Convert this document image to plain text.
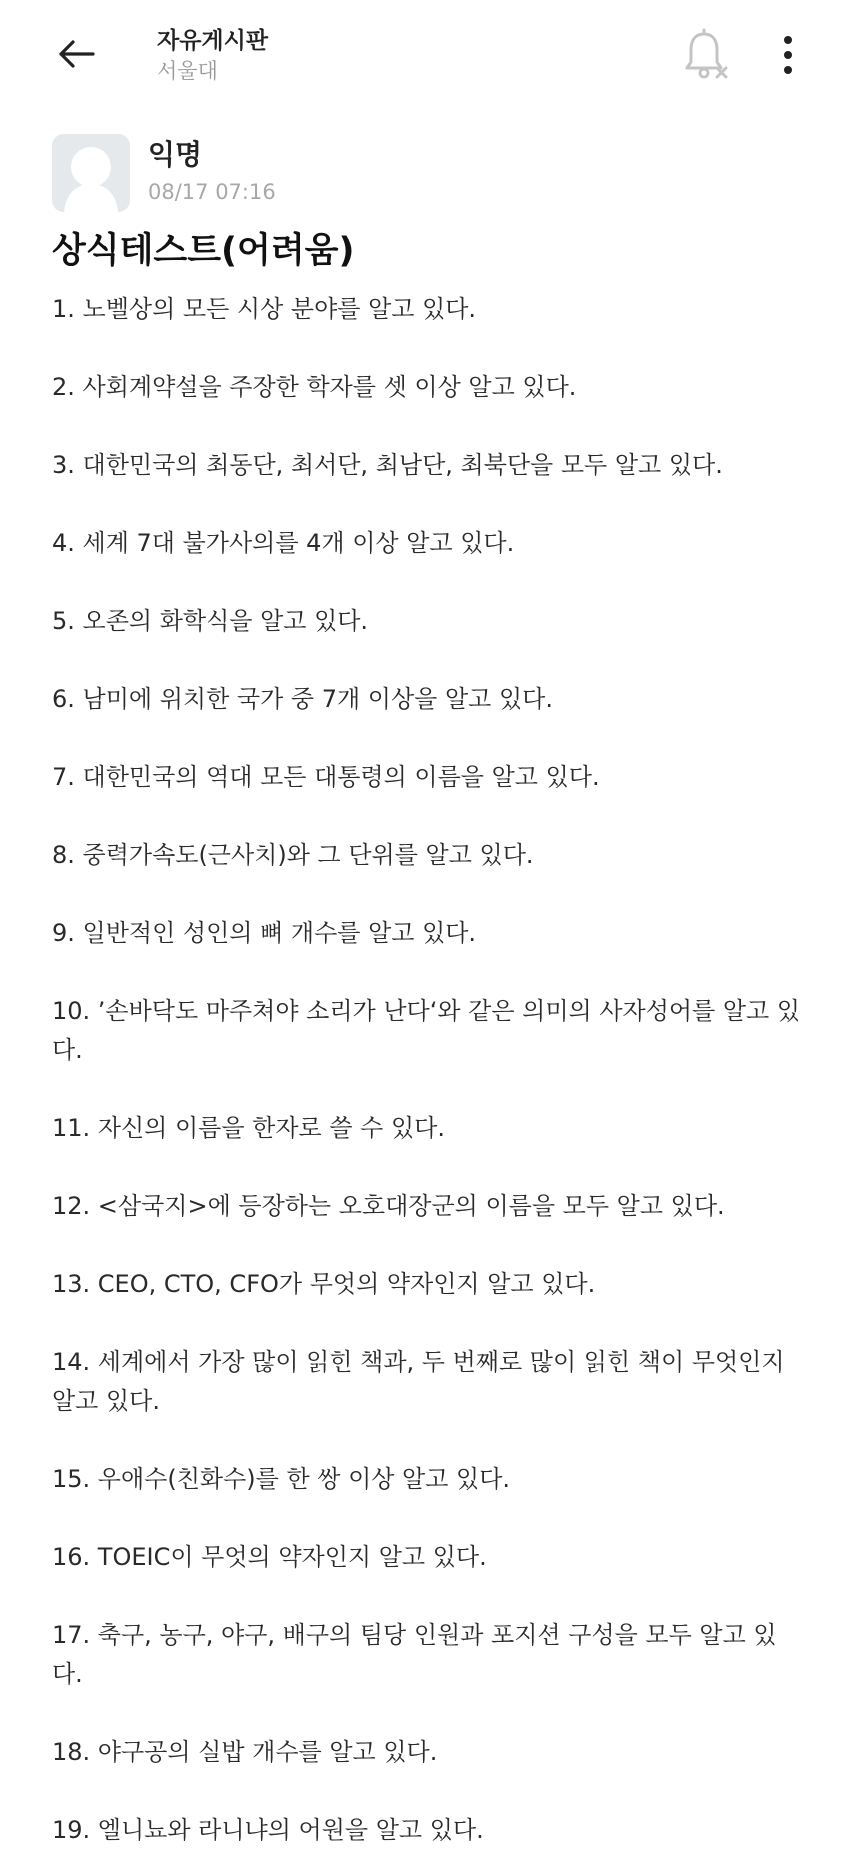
자유게시판
서울대
익명
08/17 07:16
상식테스트(어려움)
1. 노벨상의 모든 시상 분야를 알고 있다.

2. 사회계약설을 주장한 학자를 셋 이상 알고 있다.

3. 대한민국의 최동단, 최서단, 최남단, 최북단을 모두 알고 있다.

4. 세계 7대 불가사의를 4개 이상 알고 있다.

5. 오존의 화학식을 알고 있다.

6. 남미에 위치한 국가 중 7개 이상을 알고 있다.

7. 대한민국의 역대 모든 대통령의 이름을 알고 있다.

8. 중력가속도(근사치)와 그 단위를 알고 있다.

9. 일반적인 성인의 뼈 개수를 알고 있다.

10. ’손바닥도 마주쳐야 소리가 난다‘와 같은 의미의 사자성어를 알고 있다.

11. 자신의 이름을 한자로 쓸 수 있다.

12. <삼국지>에 등장하는 오호대장군의 이름을 모두 알고 있다.

13. CEO, CTO, CFO가 무엇의 약자인지 알고 있다.

14. 세계에서 가장 많이 읽힌 책과, 두 번째로 많이 읽힌 책이 무엇인지 알고 있다.

15. 우애수(친화수)를 한 쌍 이상 알고 있다.

16. TOEIC이 무엇의 약자인지 알고 있다.

17. 축구, 농구, 야구, 배구의 팀당 인원과 포지션 구성을 모두 알고 있다.

18. 야구공의 실밥 개수를 알고 있다.

19. 엘니뇨와 라니냐의 어원을 알고 있다.
